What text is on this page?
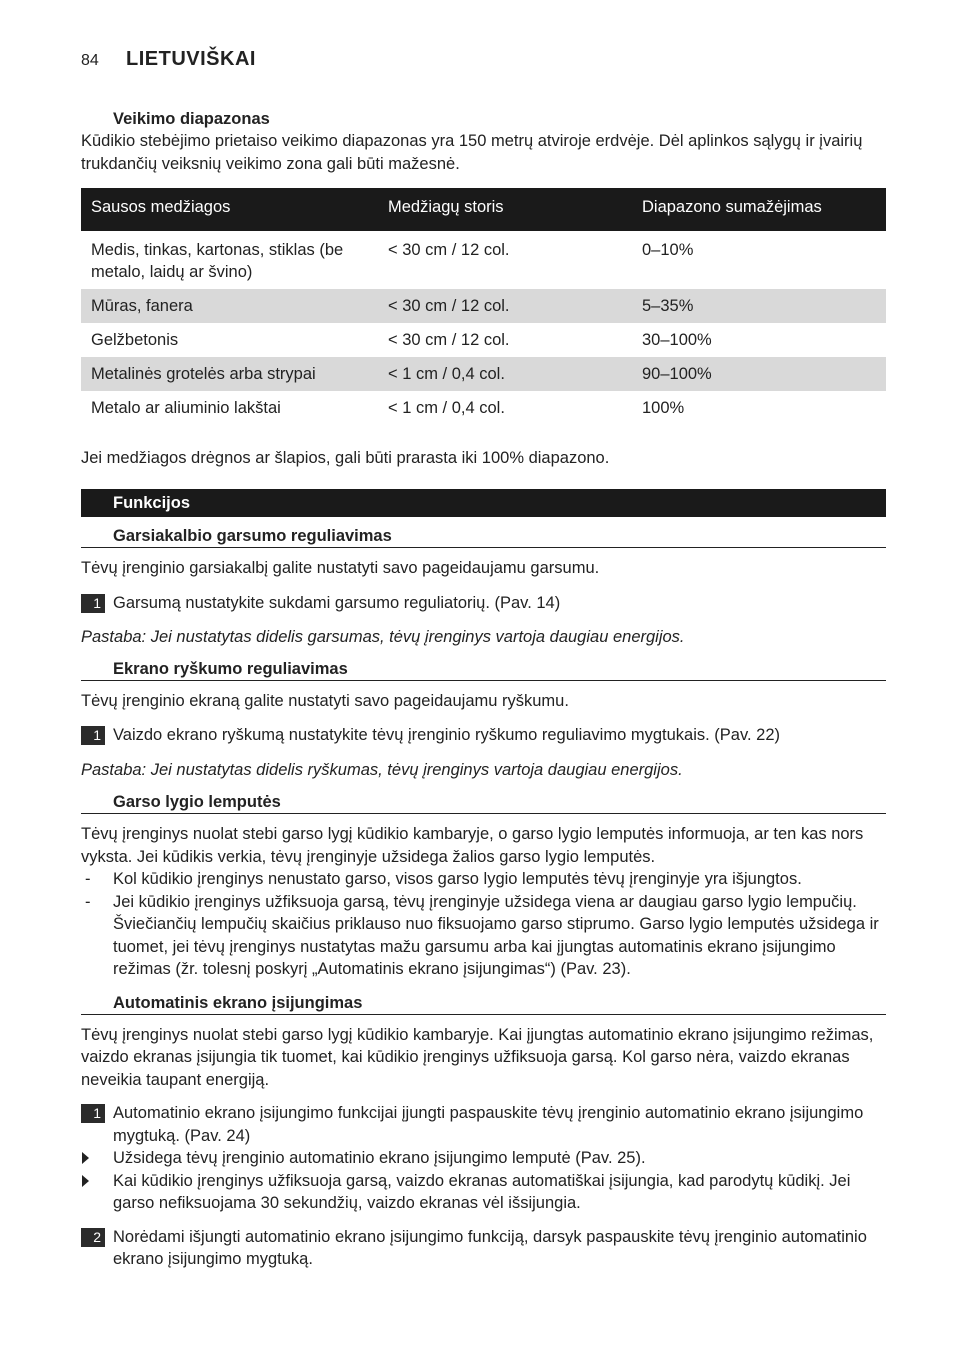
84 LIETUVIŠKAI
Veikimo diapazonas

Kūdikio stebėjimo prietaiso veikimo diapazonas yra 150 metrų atviroje erdvėje. Dėl aplinkos sąlygų ir įvairių trukdančių veiksnių veikimo zona gali būti mažesnė.

Sausos medžiagos	Medžiagų storis	Diapazono sumažėjimas
Medis, tinkas, kartonas, stiklas (be metalo, laidų ar švino)	< 30 cm / 12 col.	0–10%
Mūras, fanera	< 30 cm / 12 col.	5–35%
Gelžbetonis	< 30 cm / 12 col.	30–100%
Metalinės grotelės arba strypai	< 1 cm / 0,4 col.	90–100%
Metalo ar aliuminio lakštai	< 1 cm / 0,4 col.	100%

Jei medžiagos drėgnos ar šlapios, gali būti prarasta iki 100% diapazono.

Funkcijos
Garsiakalbio garsumo reguliavimas

Tėvų įrenginio garsiakalbį galite nustatyti savo pageidaujamu garsumu.

1 Garsumą nustatykite sukdami garsumo reguliatorių. (Pav. 14)

Pastaba: Jei nustatytas didelis garsumas, tėvų įrenginys vartoja daugiau energijos.

Ekrano ryškumo reguliavimas

Tėvų įrenginio ekraną galite nustatyti savo pageidaujamu ryškumu.

1 Vaizdo ekrano ryškumą nustatykite tėvų įrenginio ryškumo reguliavimo mygtukais. (Pav. 22)

Pastaba: Jei nustatytas didelis ryškumas, tėvų įrenginys vartoja daugiau energijos.

Garso lygio lemputės

Tėvų įrenginys nuolat stebi garso lygį kūdikio kambaryje, o garso lygio lemputės informuoja, ar ten kas nors vyksta. Jei kūdikis verkia, tėvų įrenginyje užsidega žalios garso lygio lemputės.

- Kol kūdikio įrenginys nenustato garso, visos garso lygio lemputės tėvų įrenginyje yra išjungtos.
- Jei kūdikio įrenginys užfiksuoja garsą, tėvų įrenginyje užsidega viena ar daugiau garso lygio lempučių. Šviečiančių lempučių skaičius priklauso nuo fiksuojamo garso stiprumo. Garso lygio lemputės užsidega ir tuomet, jei tėvų įrenginys nustatytas mažu garsumu arba kai įjungtas automatinis ekrano įsijungimo režimas (žr. tolesnį poskyrį „Automatinis ekrano įsijungimas“) (Pav. 23).
Automatinis ekrano įsijungimas

Tėvų įrenginys nuolat stebi garso lygį kūdikio kambaryje. Kai įjungtas automatinio ekrano įsijungimo režimas, vaizdo ekranas įsijungia tik tuomet, kai kūdikio įrenginys užfiksuoja garsą. Kol garso nėra, vaizdo ekranas neveikia taupant energiją.

1 Automatinio ekrano įsijungimo funkcijai įjungti paspauskite tėvų įrenginio automatinio ekrano įsijungimo mygtuką. (Pav. 24)
Užsidega tėvų įrenginio automatinio ekrano įsijungimo lemputė (Pav. 25).
Kai kūdikio įrenginys užfiksuoja garsą, vaizdo ekranas automatiškai įsijungia, kad parodytų kūdikį. Jei garso nefiksuojama 30 sekundžių, vaizdo ekranas vėl išsijungia.
2 Norėdami išjungti automatinio ekrano įsijungimo funkciją, darsyk paspauskite tėvų įrenginio automatinio ekrano įsijungimo mygtuką.
